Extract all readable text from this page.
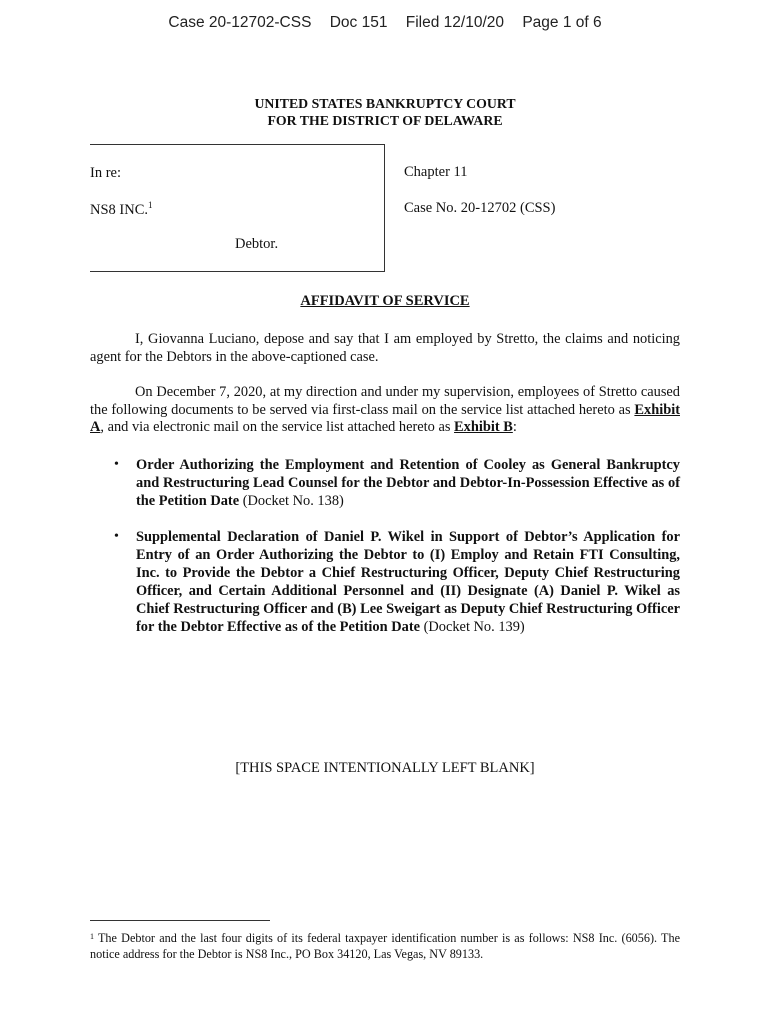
Case 20-12702-CSS Doc 151 Filed 12/10/20 Page 1 of 6
UNITED STATES BANKRUPTCY COURT
FOR THE DISTRICT OF DELAWARE
In re:
NS8 INC.$^1$
Debtor.
Chapter 11
Case No. 20-12702 (CSS)
AFFIDAVIT OF SERVICE
I, Giovanna Luciano, depose and say that I am employed by Stretto, the claims and noticing agent for the Debtors in the above-captioned case.
On December 7, 2020, at my direction and under my supervision, employees of Stretto caused the following documents to be served via first-class mail on the service list attached hereto as Exhibit A, and via electronic mail on the service list attached hereto as Exhibit B:
• Order Authorizing the Employment and Retention of Cooley as General Bankruptcy and Restructuring Lead Counsel for the Debtor and Debtor-In-Possession Effective as of the Petition Date (Docket No. 138)
• Supplemental Declaration of Daniel P. Wikel in Support of Debtor’s Application for Entry of an Order Authorizing the Debtor to (I) Employ and Retain FTI Consulting, Inc. to Provide the Debtor a Chief Restructuring Officer, Deputy Chief Restructuring Officer, and Certain Additional Personnel and (II) Designate (A) Daniel P. Wikel as Chief Restructuring Officer and (B) Lee Sweigart as Deputy Chief Restructuring Officer for the Debtor Effective as of the Petition Date (Docket No. 139)
[THIS SPACE INTENTIONALLY LEFT BLANK]
$^1$ The Debtor and the last four digits of its federal taxpayer identification number is as follows: NS8 Inc. (6056). The notice address for the Debtor is NS8 Inc., PO Box 34120, Las Vegas, NV 89133.
